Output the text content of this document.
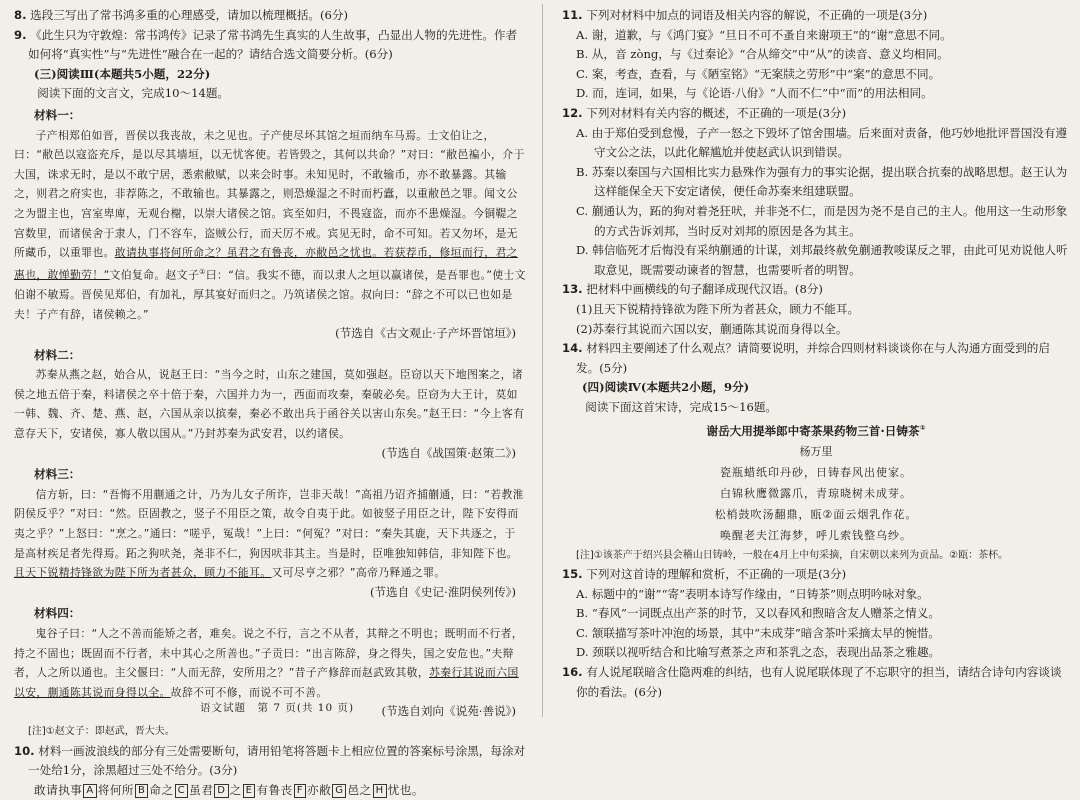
8. 选段三写出了常书鸿多重的心理感受，请加以梳理概括。(6分)

9. 《此生只为守敦煌：常书鸿传》记录了常书鸿先生真实的人生故事，凸显出人物的先进性。作者如何将“真实性”与“先进性”融合在一起的？请结合选文简要分析。(6分)

(三)阅读Ⅲ(本题共5小题，22分)

阅读下面的文言文，完成10～14题。

材料一：

子产相郑伯如晋，晋侯以我丧故，未之见也。子产使尽坏其馆之垣而纳车马焉。士文伯让之，曰：“敝邑以寇盗充斥，是以尽其墙垣，以无忧客使。若皆毁之，其何以共命？”对曰：“敝邑褊小，介于大国，诛求无时，是以不敢宁居，悉索敝赋，以来会时事。未知见时，不敢输币，亦不敢暴露。其输之，则君之府实也，非荐陈之，不敢输也。其暴露之，则恐燥湿之不时而朽蠹，以重敝邑之罪。闻文公之为盟主也，宫室卑庳，无观台榭，以崇大诸侯之馆。宾至如归，不畏寇盗，而亦不患燥湿。今铜鞮之宫数里，而诸侯舍于隶人，门不容车，盗贼公行，而天厉不戒。宾见无时，命不可知。若又勿坏，是无所藏币，以重罪也。敢请执事将何所命之？虽君之有鲁丧，亦敝邑之忧也。若获荐币，修垣而行，君之惠也，敢惮勤劳！”文伯复命。赵文子①曰：“信。我实不德，而以隶人之垣以赢诸侯，是吾罪也。”使士文伯谢不敏焉。晋侯见郑伯，有加礼，厚其宴好而归之。乃筑诸侯之馆。叔向曰：“辞之不可以已也如是夫！子产有辞，诸侯赖之。”

(节选自《古文观止·子产坏晋馆垣》)

材料二：

苏秦从燕之赵，始合从，说赵王曰：“当今之时，山东之建国，莫如强赵。臣窃以天下地图案之，诸侯之地五倍于秦，料诸侯之卒十倍于秦，六国并力为一，西面而攻秦，秦破必矣。臣窃为大王计，莫如一韩、魏、齐、楚、燕、赵，六国从亲以摈秦，秦必不敢出兵于函谷关以害山东矣。”赵王曰：“今上客有意存天下，安诸侯，寡人敬以国从。”乃封苏秦为武安君，以约诸侯。

(节选自《战国策·赵策二》)

材料三：

信方斩，曰：“吾悔不用蒯通之计，乃为儿女子所诈，岂非天哉！”高祖乃诏齐捕蒯通，曰：“若教淮阴侯反乎？”对曰：“然。臣固教之，竖子不用臣之策，故令自夷于此。如彼竖子用臣之计，陛下安得而夷之乎？”上怒曰：“烹之。”通曰：“嗟乎，冤哉！”上曰：“何冤？”对曰：“秦失其鹿，天下共逐之，于是高材疾足者先得焉。跖之狗吠尧，尧非不仁，狗因吠非其主。当是时，臣唯独知韩信，非知陛下也。且天下锐精持锋欲为陛下所为者甚众，顾力不能耳。又可尽亨之邪？”高帝乃释通之罪。

(节选自《史记·淮阴侯列传》)

材料四：

鬼谷子曰：“人之不善而能矫之者，难矣。说之不行，言之不从者，其辩之不明也；既明而不行者，持之不固也；既固而不行者，未中其心之所善也。”子贡曰：“出言陈辞，身之得失，国之安危也。”夫辩者，人之所以通也。主父偃曰：“人而无辞，安所用之？”昔子产修辞而赵武致其敬，苏秦行其说而六国以安，蒯通陈其说而身得以全。故辞不可不修，而说不可不善。

(节选自刘向《说苑·善说》)

[注]①赵文子：即赵武，晋大夫。

10. 材料一画波浪线的部分有三处需要断句，请用铅笔将答题卡上相应位置的答案标号涂黑，每涂对一处给1分，涂黑超过三处不给分。(3分)

敢请执事 A 将何所 B 命之 C 虽君 D 之 E 有鲁丧 F 亦敝 G 邑之 H 忧也。

11. 下列对材料中加点的词语及相关内容的解说，不正确的一项是(3分)

A. 谢，道歉，与《鸿门宴》“旦日不可不蚤自来谢项王”的“谢”意思不同。

B. 从，音 zòng，与《过秦论》“合从缔交”中“从”的读音、意义均相同。

C. 案，考查，查看，与《陋室铭》“无案牍之劳形”中“案”的意思不同。

D. 而，连词，如果，与《论语·八佾》“人而不仁”中“而”的用法相同。

12. 下列对材料有关内容的概述，不正确的一项是(3分)

A. 由于郑伯受到怠慢，子产一怒之下毁坏了馆舍围墙。后来面对责备，他巧妙地批评晋国没有遵守文公之法，以此化解尴尬并使赵武认识到错误。

B. 苏秦以秦国与六国相比实力悬殊作为强有力的事实论据，提出联合抗秦的战略思想。赵王认为这样能保全天下安定诸侯，便任命苏秦来组建联盟。

C. 蒯通认为，跖的狗对着尧狂吠，并非尧不仁，而是因为尧不是自己的主人。他用这一生动形象的方式告诉刘邦，当时反对刘邦的原因是各为其主。

D. 韩信临死才后悔没有采纳蒯通的计谋，刘邦最终赦免蒯通教唆谋反之罪，由此可见劝说他人听取意见，既需要动谏者的智慧，也需要听者的明智。

13. 把材料中画横线的句子翻译成现代汉语。(8分)

(1)且天下锐精持锋欲为陛下所为者甚众，顾力不能耳。

(2)苏秦行其说而六国以安，蒯通陈其说而身得以全。

14. 材料四主要阐述了什么观点？请简要说明，并综合四则材料谈谈你在与人沟通方面受到的启发。(5分)

(四)阅读Ⅳ(本题共2小题，9分)

阅读下面这首宋诗，完成15～16题。

谢岳大用提举郎中寄茶果药物三首·日铸茶①

杨万里

瓷瓶蜡纸印丹砂，日铸春风出使家。

白锦秋鹰微露爪，青琼晓树未成芽。

松梢鼓吹汤翻鼎，瓯②面云烟乳作花。

唤醒老夫江海梦，呼儿索钱整乌纱。

[注]①该茶产于绍兴县会稽山日铸岭，一般在4月上中旬采摘，自宋朝以来列为贡品。②瓯：茶杯。

15. 下列对这首诗的理解和赏析，不正确的一项是(3分)

A. 标题中的“谢”“寄”表明本诗写作缘由，“日铸茶”则点明吟咏对象。

B. “春风”一词既点出产茶的时节，又以春风和煦暗含友人赠茶之情义。

C. 颔联描写茶叶冲泡的场景，其中“未成芽”暗含茶叶采摘太早的惋惜。

D. 颈联以视听结合和比喻写煮茶之声和茶乳之态，表现出品茶之雅趣。

16. 有人说尾联暗含仕隐两难的纠结，也有人说尾联体现了不忘职守的担当，请结合诗句内容谈谈你的看法。(6分)

语文试题　第 7 页(共 10 页)
